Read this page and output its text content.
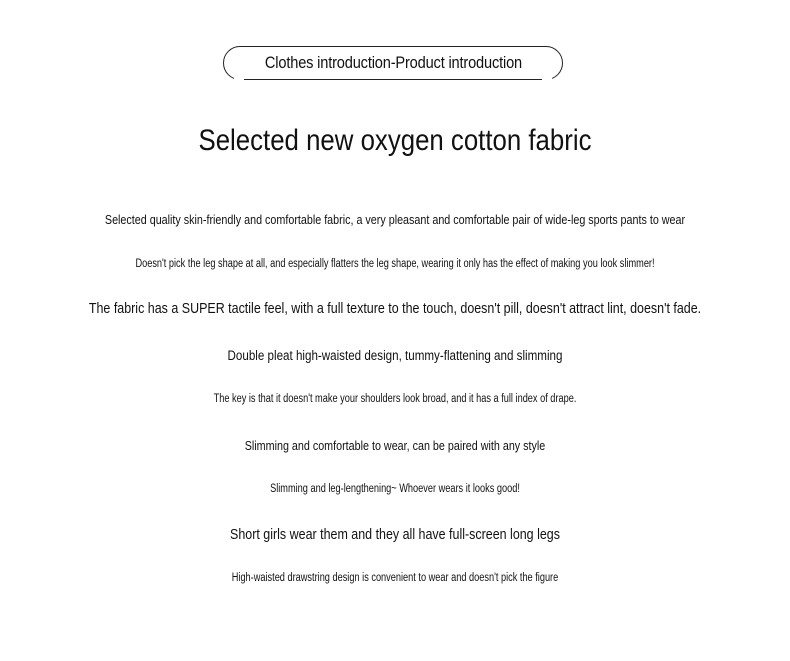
Clothes introduction-Product introduction
Selected new oxygen cotton fabric
Selected quality skin-friendly and comfortable fabric, a very pleasant and comfortable pair of wide-leg sports pants to wear
Doesn't pick the leg shape at all, and especially flatters the leg shape, wearing it only has the effect of making you look slimmer!
The fabric has a SUPER tactile feel, with a full texture to the touch, doesn't pill, doesn't attract lint, doesn't fade.
Double pleat high-waisted design, tummy-flattening and slimming
The key is that it doesn't make your shoulders look broad, and it has a full index of drape.
Slimming and comfortable to wear, can be paired with any style
Slimming and leg-lengthening~ Whoever wears it looks good!
Short girls wear them and they all have full-screen long legs
High-waisted drawstring design is convenient to wear and doesn't pick the figure
